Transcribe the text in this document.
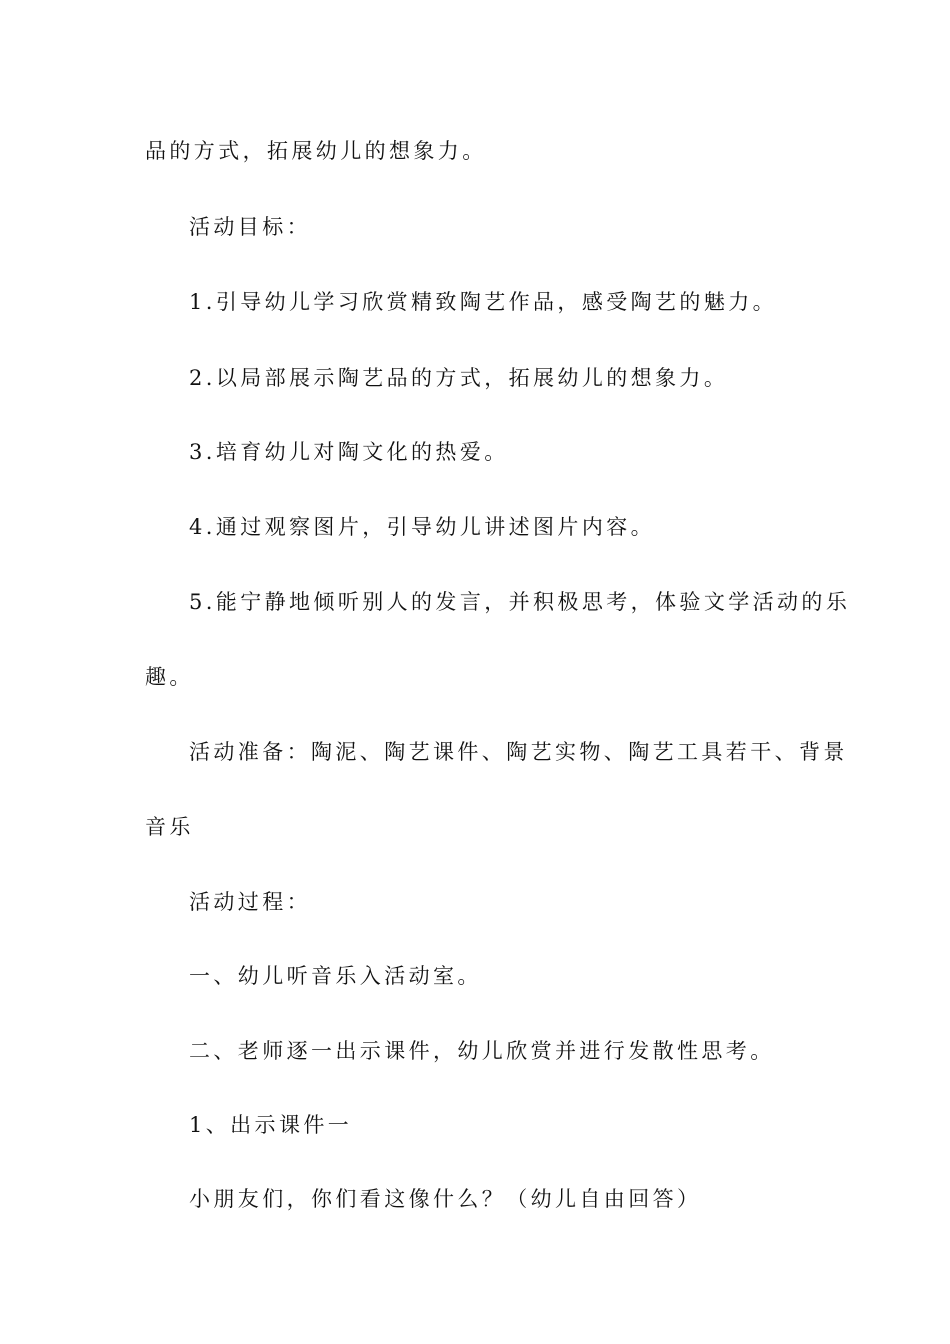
品的方式，拓展幼儿的想象力。
活动目标：
1.引导幼儿学习欣赏精致陶艺作品，感受陶艺的魅力。
2.以局部展示陶艺品的方式，拓展幼儿的想象力。
3.培育幼儿对陶文化的热爱。
4.通过观察图片，引导幼儿讲述图片内容。
5.能宁静地倾听别人的发言，并积极思考，体验文学活动的乐
趣。
活动准备：陶泥、陶艺课件、陶艺实物、陶艺工具若干、背景
音乐
活动过程：
一、幼儿听音乐入活动室。
二、老师逐一出示课件，幼儿欣赏并进行发散性思考。
1、出示课件一
小朋友们，你们看这像什么？（幼儿自由回答）
